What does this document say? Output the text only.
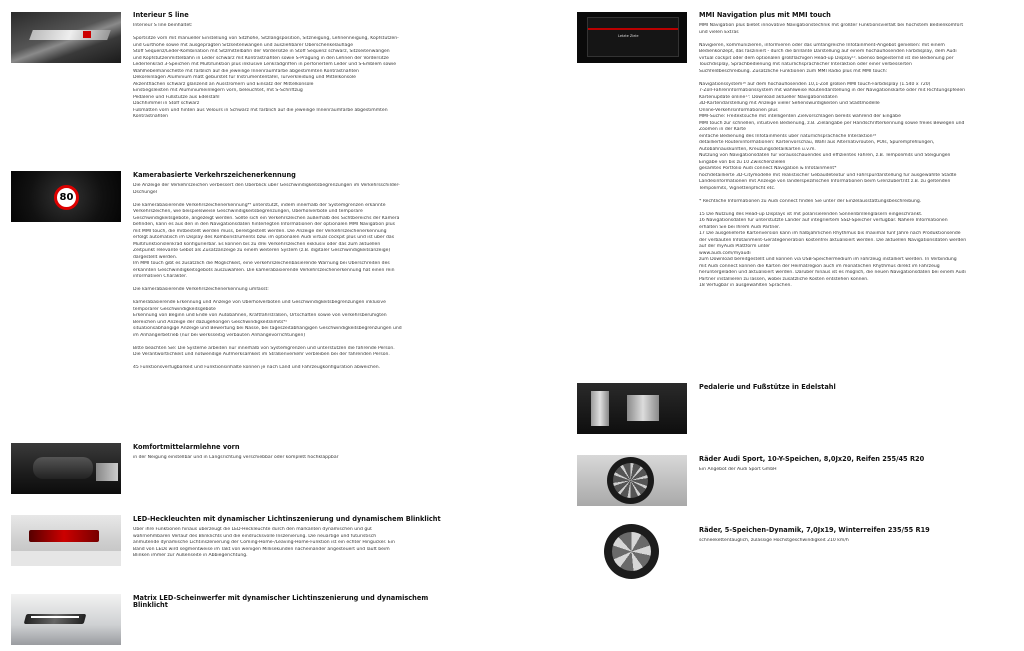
Interieur S line
Interieur S line beinhaltet:
Sportsitze vorn mit manueller Einstellung von Sitzhöhe, Sitzlängsposition, Sitzneigung, Lehnenneigung, Kopfstützen-
und Gurthöhe sowie mit ausgeprägten Sitzseitenwangen und ausziehbarer Oberschenkelauflage
Stoff Sequenz/Leder-Kombination mit Sitzmittelbahn der Vordersitze in Stoff Sequenz schwarz, Sitzseitenwangen
und Kopfstützenmittelbahn in Leder schwarz mit Kontrastnähten sowie S-Prägung in den Lehnen der Vordersitze
Lederlenkrad 3-Speichen mit Multifunktion plus inklusive Lenkradgriffen in perforiertem Leder und S-Emblem sowie
Wählhebelmanschette mit farblich auf die jeweilige Innenraumfarbe abgestimmten Kontrastnähten
Dekoreinlagen Aluminium matt gebürstet für Instrumententafel, Türverkleidung und Mittelkonsole
Akzentflächen schwarz glänzend an Ausströmern und Einsatz der Mittelkonsole
Einstiegsleisten mit Aluminiumeinlegern vorn, beleuchtet, mit S-Schriftzug
Pedalerie und Fußstütze aus Edelstahl
Dachhimmel in Stoff schwarz
Fußmatten vorn und hinten aus Velours in Schwarz mit farblich auf die jeweilige Innenraumfarbe abgestimmten
Kontrastnähten
80
Kamerabasierte Verkehrszeichenerkennung
Die Anzeige der Verkehrszeichen verbessert den Überblick über Geschwindigkeitsbegrenzungen im Verkehrsschilder-
Dschungel
Die kamerabasierende Verkehrszeichenerkennung⁴⁴ unterstützt, indem innerhalb der Systemgrenzen erkannte
Verkehrszeichen, wie beispielsweise Geschwindigkeitsbegrenzungen, Überholverbote und temporäre
Geschwindigkeitsgebote, angezeigt werden. Sollte sich ein Verkehrszeichen außerhalb des Sichtbereichs der Kamera
befinden, kann es aus den in den Navigationsdaten hinterlegten Informationen der optionalen MMI Navigation plus
mit MMI touch, die mitbestellt werden muss, bereitgestellt werden. Die Anzeige der Verkehrszeichenerkennung
erfolgt automatisch im Display des Kombiinstruments bzw. im optionalen Audi virtual cockpit plus und ist über das
Multifunktionslenkrad konfigurierbar. Es können bis zu drei Verkehrszeichen exklusiv oder das zum aktuellen
Zeitpunkt relevante Gebot als Zusatzanzeige zu einem weiteren System (z.B. digitaler Geschwindigkeitsanzeige)
dargestellt werden.
Im MMI touch gibt es zusätzlich die Möglichkeit, eine verkehrszeichenbasierende Warnung bei Überschreiten des
erkannten Geschwindigkeitsgebots auszuwählen. Die kamerabasierende Verkehrszeichenerkennung hat einen rein
informativen Charakter.
Die kamerabasierende Verkehrszeichenerkennung umfasst:
kamerabasierende Erkennung und Anzeige von Überholverboten und Geschwindigkeitsbegrenzungen inklusive
temporärer Geschwindigkeitsgebote
Erkennung von Beginn und Ende von Autobahnen, Kraftfahrstraßen, Ortschaften sowie von verkehrsberuhigten
Bereichen und Anzeige der dazugehörigen Geschwindigkeitslimits⁴⁵
situationsabhängige Anzeige und Bewertung bei Nässe, bei tageszeitabhängigen Geschwindigkeitsbegrenzungen und
im Anhängerbetrieb (nur bei werksseitig verbauten Anhängevorrichtungen)
Bitte beachten Sie: Die Systeme arbeiten nur innerhalb von Systemgrenzen und unterstützen die fahrende Person.
Die Verantwortlichkeit und notwendige Aufmerksamkeit im Straßenverkehr verbleiben bei der fahrenden Person.
45 Funktionsverfügbarkeit und Funktionsinhalte können je nach Land und Fahrzeugkonfiguration abweichen.
Komfortmittelarmlehne vorn
in der Neigung einstellbar und in Längsrichtung verschiebbar oder komplett hochklappbar
LED-Heckleuchten mit dynamischer Lichtinszenierung und dynamischem Blinklicht
Über ihre Funktionen hinaus überzeugt die LED-Heckleuchte durch den markanten dynamischen und gut
wahrnehmbaren Verlauf des Blinklichts und die eindrucksvolle Inszenierung. Die neuartige und futuristisch
anmutende dynamische Lichtinszenierung der Coming-Home-/Leaving-Home-Funktion ist ein echter Hingucker. Ein
Band von LEDs wird segmentweise im Takt von wenigen Millisekunden nacheinander angesteuert und läuft beim
Blinken immer zur Außenseite in Abbiegerichtung.
Matrix LED-Scheinwerfer mit dynamischer Lichtinszenierung und dynamischem
Blinklicht
Letzte Ziele
MMI Navigation plus mit MMI touch
MMI Navigation plus bietet innovative Navigationstechnik mit größter Funktionsvielfalt bei höchstem Bedienkomfort
und vielen Extras
Navigieren, kommunizieren, informieren oder das umfangreiche Infotainment-Angebot genießen: mit einem
Bedienkonzept, das fasziniert - durch die brillante Darstellung auf einem hochauflösenden Farbdisplay, dem Audi
virtual cockpit oder dem optionalen großflächigen Head-up Display¹⁵. Ebenso begeisternd ist die Bedienung per
Touchdisplay, Sprachbedienung mit natürlichsprachlicher Interaktion oder einer verbesserten
Suchfeldbeschreibung. Zusätzliche Funktionen zum MMI Radio plus mit MMI touch:
Navigationssystem¹⁶ auf dem hochauflösenden 10,1-Zoll großen MMI touch-Farbdisplay (1.540 x 720)
7-Zoll-Fahrerinformationssystem mit wahlweise Routendarstellung in der Navigationskarte oder mit Richtungspfeilen
Kartenupdate online¹⁷: Download aktueller Navigationsdaten
3D-Kartendarstellung mit Anzeige vieler Sehenswürdigkeiten und Stadtmodelle
Online-Verkehrsinformationen plus
MMI-Suche: Freitextsuche mit intelligenten Zielvorschlägen bereits während der Eingabe
MMI touch zur schnellen, intuitiven Bedienung, z.B. Zielangabe per Handschrifterkennung sowie freies Bewegen und
Zoomen in der Karte
einfache Bedienung des Infotainments über natürlichsprachliche Interaktion¹⁸
detaillierte Routeninformationen: Kartenvorschau, Wahl aus Alternativrouten, POIs, Spurempfehlungen,
Autobahnauskünften, Kreuzungsdetailkarten u.v.m.
Nutzung von Navigationsdaten für vorausschauendes und effizientes Fahren, z.B. Tempolimits und Steigungen
Eingabe von bis zu 10 Zwischenzielen
gesamtes Portfolio Audi connect Navigation & Infotainment*
hochdetaillierte 3D-Citymodelle mit realistischer Gebäudetextur und Fahrspurdarstellung für ausgewählte Städte
Landesinformationen mit Anzeige von länderspezifischen Informationen beim Grenzübertritt z.B. zu geltenden
Tempolimits, Vignettenpflicht etc.
* Rechtliche Informationen zu Audi connect finden Sie unter der Einzelausstattungsbeschreibung.
15 Die Nutzung des Head-up Displays ist mit polarisierenden Sonnenbrillengläsern eingeschränkt.
16 Navigationsdaten für unterstützte Länder auf integriertem SSD-Speicher verfügbar. Nähere Informationen
erhalten Sie bei Ihrem Audi Partner.
17 Die ausgelieferte Kartenversion kann im halbjährlichen Rhythmus bis maximal fünf Jahre nach Produktionsende
der verbauten Infotainment-Gerätegeneration kostenfrei aktualisiert werden. Die aktuellen Navigationsdaten werden
auf der myAudi Plattform unter
www.audi.com/myaudi
zum Download bereitgestellt und können via USB-Speichermedium im Fahrzeug installiert werden. In Verbindung
mit Audi connect können die Karten der Heimatregion auch im monatlichen Rhythmus direkt im Fahrzeug
heruntergeladen und aktualisiert werden. Darüber hinaus ist es möglich, die neuen Navigationsdaten bei einem Audi
Partner installieren zu lassen, wobei zusätzliche Kosten entstehen können.
18 Verfügbar in ausgewählten Sprachen.
Pedalerie und Fußstütze in Edelstahl
Räder Audi Sport, 10-Y-Speichen, 8,0Jx20, Reifen 255/45 R20
Ein Angebot der Audi Sport GmbH
Räder, 5-Speichen-Dynamik, 7,0Jx19, Winterreifen 235/55 R19
schneekettentauglich, zulässige Höchstgeschwindigkeit 210 km/h
